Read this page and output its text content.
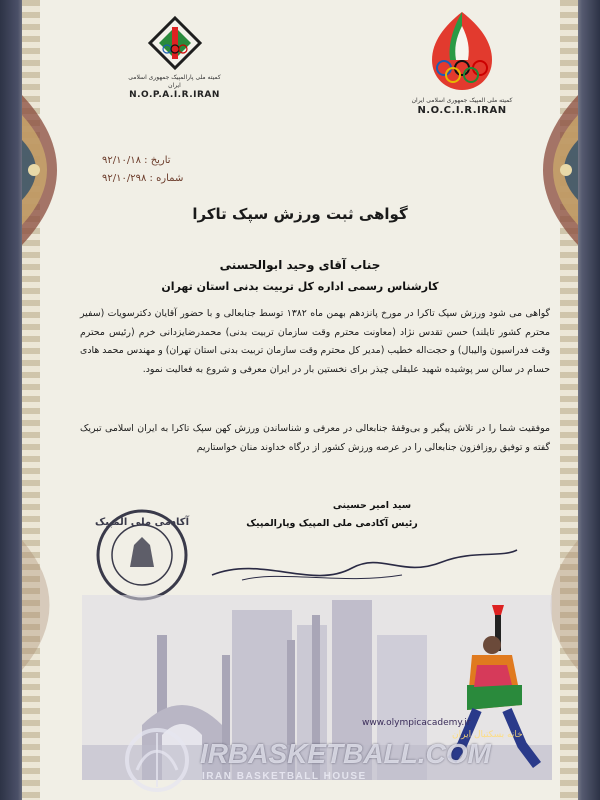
کمیته ملی پارالمپیک جمهوری اسلامی ایران
N.O.P.A.I.R.IRAN
کمیته ملی المپیک جمهوری اسلامی ایران
N.O.C.I.R.IRAN
تاریخ : ۹۲/۱۰/۱۸
شماره : ۹۲/۱۰/۲۹۸
گواهی ثبت ورزش سپک تاکرا
جناب آقای وحید ابوالحسنی
کارشناس رسمی اداره کل تربیت بدنی استان تهران
گواهی می شود ورزش سپک تاکرا در مورخ پانزدهم بهمن ماه ۱۳۸۲ توسط جنابعالی و با حضور آقایان دکترسویات (سفیر محترم کشور تایلند) حسن تقدس نژاد (معاونت محترم وقت سازمان تربیت بدنی) محمدرضایزدانی خرم (رئیس محترم وقت فدراسیون والیبال) و حجت‌اله خطیب (مدیر کل محترم وقت سازمان تربیت بدنی استان تهران) و مهندس محمد هادی حسام در سالن سر پوشیده شهید علیقلی چیذر برای نخستین بار در ایران معرفی و شروع به فعالیت نمود.
موفقیت شما را در تلاش پیگیر و بی‌وقفهٔ جنابعالی در معرفی و شناساندن ورزش کهن سپک تاکرا به ایران اسلامی تبریک گفته و توفیق روزافزون جنابعالی را در عرصه ورزش کشور از درگاه خداوند منان خواستاریم
سید امیر حسینی
رئیس آکادمی ملی المپیک وپارالمپیک
آکادمی ملی المپیک
www.olympicacademy.ir
IRBASKETBALL.COM
IRAN BASKETBALL HOUSE
خانه بسکتبال ایران
